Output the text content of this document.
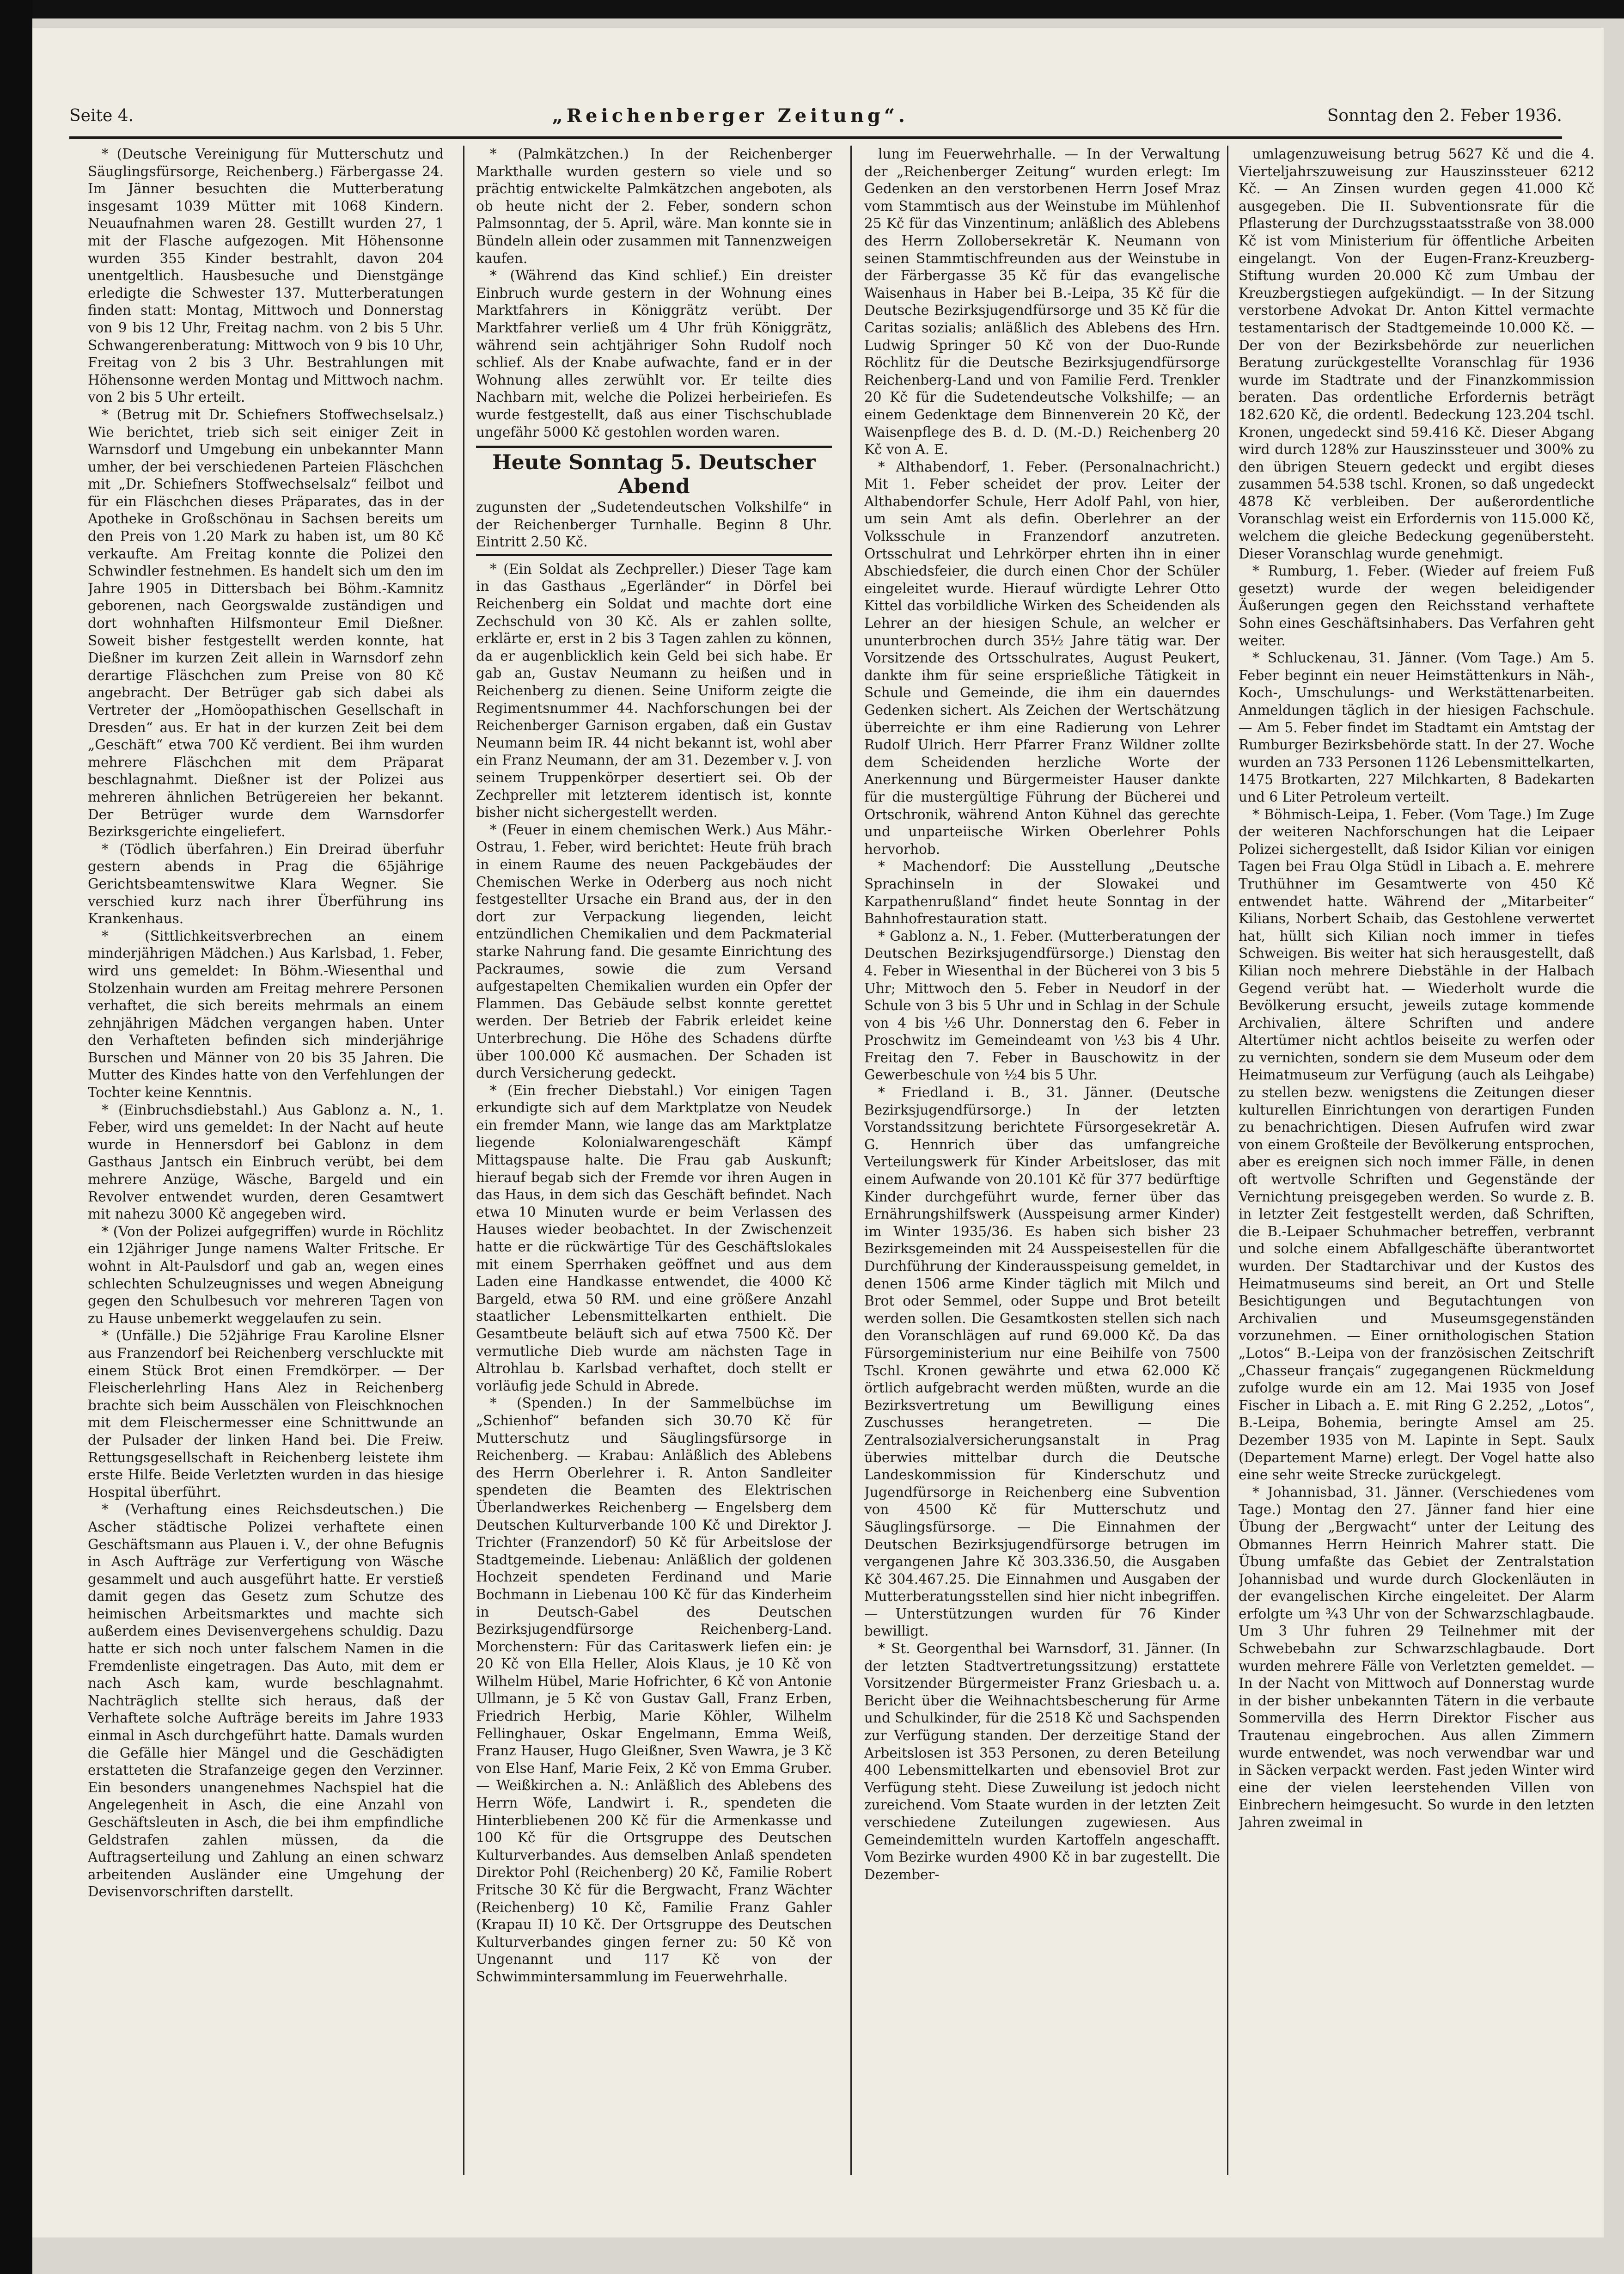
Seite 4.	„Reichenberger Zeitung“.	Sonntag den 2. Feber 1936.

* (Deutsche Vereinigung für Mutterschutz und Säuglingsfürsorge, Reichenberg.) Färbergasse 24. Im Jänner besuchten die Mutterberatung insgesamt 1039 Mütter mit 1068 Kindern. Neuaufnahmen waren 28. Gestillt wurden 27, 1 mit der Flasche aufgezogen. Mit Höhensonne wurden 355 Kinder bestrahlt, davon 204 unentgeltlich. Hausbesuche und Dienstgänge erledigte die Schwester 137. Mutterberatungen finden statt: Montag, Mittwoch und Donnerstag von 9 bis 12 Uhr, Freitag nachm. von 2 bis 5 Uhr. Schwangerenberatung: Mittwoch von 9 bis 10 Uhr, Freitag von 2 bis 3 Uhr. Bestrahlungen mit Höhensonne werden Montag und Mittwoch nachm. von 2 bis 5 Uhr erteilt.

* (Betrug mit Dr. Schiefners Stoffwechselsalz.) Wie berichtet, trieb sich seit einiger Zeit in Warnsdorf und Umgebung ein unbekannter Mann umher, der bei verschiedenen Parteien Fläschchen mit „Dr. Schiefners Stoffwechselsalz“ feilbot und für ein Fläschchen dieses Präparates, das in der Apotheke in Großschönau in Sachsen bereits um den Preis von 1.20 Mark zu haben ist, um 80 Kč verkaufte. Am Freitag konnte die Polizei den Schwindler festnehmen. Es handelt sich um den im Jahre 1905 in Dittersbach bei Böhm.-Kamnitz geborenen, nach Georgswalde zuständigen und dort wohnhaften Hilfsmonteur Emil Dießner. Soweit bisher festgestellt werden konnte, hat Dießner im kurzen Zeit allein in Warnsdorf zehn derartige Fläschchen zum Preise von 80 Kč angebracht. Der Betrüger gab sich dabei als Vertreter der „Homöopathischen Gesellschaft in Dresden“ aus. Er hat in der kurzen Zeit bei dem „Geschäft“ etwa 700 Kč verdient. Bei ihm wurden mehrere Fläschchen mit dem Präparat beschlagnahmt. Dießner ist der Polizei aus mehreren ähnlichen Betrügereien her bekannt. Der Betrüger wurde dem Warnsdorfer Bezirksgerichte eingeliefert.

* (Tödlich überfahren.) Ein Dreirad überfuhr gestern abends in Prag die 65jährige Gerichtsbeamtenswitwe Klara Wegner. Sie verschied kurz nach ihrer Überführung ins Krankenhaus.

* (Sittlichkeitsverbrechen an einem minderjährigen Mädchen.) Aus Karlsbad, 1. Feber, wird uns gemeldet: In Böhm.-Wiesenthal und Stolzenhain wurden am Freitag mehrere Personen verhaftet, die sich bereits mehrmals an einem zehnjährigen Mädchen vergangen haben. Unter den Verhafteten befinden sich minderjährige Burschen und Männer von 20 bis 35 Jahren. Die Mutter des Kindes hatte von den Verfehlungen der Tochter keine Kenntnis.

* (Einbruchsdiebstahl.) Aus Gablonz a. N., 1. Feber, wird uns gemeldet: In der Nacht auf heute wurde in Hennersdorf bei Gablonz in dem Gasthaus Jantsch ein Einbruch verübt, bei dem mehrere Anzüge, Wäsche, Bargeld und ein Revolver entwendet wurden, deren Gesamtwert mit nahezu 3000 Kč angegeben wird.

* (Von der Polizei aufgegriffen) wurde in Röchlitz ein 12jähriger Junge namens Walter Fritsche. Er wohnt in Alt-Paulsdorf und gab an, wegen eines schlechten Schulzeugnisses und wegen Abneigung gegen den Schulbesuch vor mehreren Tagen von zu Hause unbemerkt weggelaufen zu sein.

* (Unfälle.) Die 52jährige Frau Karoline Elsner aus Franzendorf bei Reichenberg verschluckte mit einem Stück Brot einen Fremdkörper. — Der Fleischerlehrling Hans Alez in Reichenberg brachte sich beim Ausschälen von Fleischknochen mit dem Fleischermesser eine Schnittwunde an der Pulsader der linken Hand bei. Die Freiw. Rettungsgesellschaft in Reichenberg leistete ihm erste Hilfe. Beide Verletzten wurden in das hiesige Hospital überführt.

* (Verhaftung eines Reichsdeutschen.) Die Ascher städtische Polizei verhaftete einen Geschäftsmann aus Plauen i. V., der ohne Befugnis in Asch Aufträge zur Verfertigung von Wäsche gesammelt und auch ausgeführt hatte. Er verstieß damit gegen das Gesetz zum Schutze des heimischen Arbeitsmarktes und machte sich außerdem eines Devisenvergehens schuldig. Dazu hatte er sich noch unter falschem Namen in die Fremdenliste eingetragen. Das Auto, mit dem er nach Asch kam, wurde beschlagnahmt. Nachträglich stellte sich heraus, daß der Verhaftete solche Aufträge bereits im Jahre 1933 einmal in Asch durchgeführt hatte. Damals wurden die Gefälle hier Mängel und die Geschädigten erstatteten die Strafanzeige gegen den Verzinner. Ein besonders unangenehmes Nachspiel hat die Angelegenheit in Asch, die eine Anzahl von Geschäftsleuten in Asch, die bei ihm empfindliche Geldstrafen zahlen müssen, da die Auftragserteilung und Zahlung an einen schwarz arbeitenden Ausländer eine Umgehung der Devisenvorschriften darstellt.

* (Palmkätzchen.) In der Reichenberger Markthalle wurden gestern so viele und so prächtig entwickelte Palmkätzchen angeboten, als ob heute nicht der 2. Feber, sondern schon Palmsonntag, der 5. April, wäre. Man konnte sie in Bündeln allein oder zusammen mit Tannenzweigen kaufen.

* (Während das Kind schlief.) Ein dreister Einbruch wurde gestern in der Wohnung eines Marktfahrers in Königgrätz verübt. Der Marktfahrer verließ um 4 Uhr früh Königgrätz, während sein achtjähriger Sohn Rudolf noch schlief. Als der Knabe aufwachte, fand er in der Wohnung alles zerwühlt vor. Er teilte dies Nachbarn mit, welche die Polizei herbeiriefen. Es wurde festgestellt, daß aus einer Tischschublade ungefähr 5000 Kč gestohlen worden waren.

Heute Sonntag 5. Deutscher Abend

zugunsten der „Sudetendeutschen Volkshilfe“ in der Reichenberger Turnhalle. Beginn 8 Uhr. Eintritt 2.50 Kč.

* (Ein Soldat als Zechpreller.) Dieser Tage kam in das Gasthaus „Egerländer“ in Dörfel bei Reichenberg ein Soldat und machte dort eine Zechschuld von 30 Kč. Als er zahlen sollte, erklärte er, erst in 2 bis 3 Tagen zahlen zu können, da er augenblicklich kein Geld bei sich habe. Er gab an, Gustav Neumann zu heißen und in Reichenberg zu dienen. Seine Uniform zeigte die Regimentsnummer 44. Nachforschungen bei der Reichenberger Garnison ergaben, daß ein Gustav Neumann beim IR. 44 nicht bekannt ist, wohl aber ein Franz Neumann, der am 31. Dezember v. J. von seinem Truppenkörper desertiert sei. Ob der Zechpreller mit letzterem identisch ist, konnte bisher nicht sichergestellt werden.

* (Feuer in einem chemischen Werk.) Aus Mähr.-Ostrau, 1. Feber, wird berichtet: Heute früh brach in einem Raume des neuen Packgebäudes der Chemischen Werke in Oderberg aus noch nicht festgestellter Ursache ein Brand aus, der in den dort zur Verpackung liegenden, leicht entzündlichen Chemikalien und dem Packmaterial starke Nahrung fand. Die gesamte Einrichtung des Packraumes, sowie die zum Versand aufgestapelten Chemikalien wurden ein Opfer der Flammen. Das Gebäude selbst konnte gerettet werden. Der Betrieb der Fabrik erleidet keine Unterbrechung. Die Höhe des Schadens dürfte über 100.000 Kč ausmachen. Der Schaden ist durch Versicherung gedeckt.

* (Ein frecher Diebstahl.) Vor einigen Tagen erkundigte sich auf dem Marktplatze von Neudek ein fremder Mann, wie lange das am Marktplatze liegende Kolonialwarengeschäft Kämpf Mittagspause halte. Die Frau gab Auskunft; hierauf begab sich der Fremde vor ihren Augen in das Haus, in dem sich das Geschäft befindet. Nach etwa 10 Minuten wurde er beim Verlassen des Hauses wieder beobachtet. In der Zwischenzeit hatte er die rückwärtige Tür des Geschäftslokales mit einem Sperrhaken geöffnet und aus dem Laden eine Handkasse entwendet, die 4000 Kč Bargeld, etwa 50 RM. und eine größere Anzahl staatlicher Lebensmittelkarten enthielt. Die Gesamtbeute beläuft sich auf etwa 7500 Kč. Der vermutliche Dieb wurde am nächsten Tage in Altrohlau b. Karlsbad verhaftet, doch stellt er vorläufig jede Schuld in Abrede.

* (Spenden.) In der Sammelbüchse im „Schienhof“ befanden sich 30.70 Kč für Mutterschutz und Säuglingsfürsorge in Reichenberg. — Krabau: Anläßlich des Ablebens des Herrn Oberlehrer i. R. Anton Sandleiter spendeten die Beamten des Elektrischen Überlandwerkes Reichenberg — Engelsberg dem Deutschen Kulturverbande 100 Kč und Direktor J. Trichter (Franzendorf) 50 Kč für Arbeitslose der Stadtgemeinde. Liebenau: Anläßlich der goldenen Hochzeit spendeten Ferdinand und Marie Bochmann in Liebenau 100 Kč für das Kinderheim in Deutsch-Gabel des Deutschen Bezirksjugendfürsorge Reichenberg-Land. Morchenstern: Für das Caritaswerk liefen ein: je 20 Kč von Ella Heller, Alois Klaus, je 10 Kč von Wilhelm Hübel, Marie Hofrichter, 6 Kč von Antonie Ullmann, je 5 Kč von Gustav Gall, Franz Erben, Friedrich Herbig, Marie Köhler, Wilhelm Fellinghauer, Oskar Engelmann, Emma Weiß, Franz Hauser, Hugo Gleißner, Sven Wawra, je 3 Kč von Else Hanf, Marie Feix, 2 Kč von Emma Gruber. — Weißkirchen a. N.: Anläßlich des Ablebens des Herrn Wöfe, Landwirt i. R., spendeten die Hinterbliebenen 200 Kč für die Armenkasse und 100 Kč für die Ortsgruppe des Deutschen Kulturverbandes. Aus demselben Anlaß spendeten Direktor Pohl (Reichenberg) 20 Kč, Familie Robert Fritsche 30 Kč für die Bergwacht, Franz Wächter (Reichenberg) 10 Kč, Familie Franz Gahler (Krapau II) 10 Kč. Der Ortsgruppe des Deutschen Kulturverbandes gingen ferner zu: 50 Kč von Ungenannt und 117 Kč von der Schwimmintersammlung im Feuerwehrhalle.

lung im Feuerwehrhalle. — In der Verwaltung der „Reichenberger Zeitung“ wurden erlegt: Im Gedenken an den verstorbenen Herrn Josef Mraz vom Stammtisch aus der Weinstube im Mühlenhof 25 Kč für das Vinzentinum; anläßlich des Ablebens des Herrn Zollobersekretär K. Neumann von seinen Stammtischfreunden aus der Weinstube in der Färbergasse 35 Kč für das evangelische Waisenhaus in Haber bei B.-Leipa, 35 Kč für die Deutsche Bezirksjugendfürsorge und 35 Kč für die Caritas sozialis; anläßlich des Ablebens des Hrn. Ludwig Springer 50 Kč von der Duo-Runde Röchlitz für die Deutsche Bezirksjugendfürsorge Reichenberg-Land und von Familie Ferd. Trenkler 20 Kč für die Sudetendeutsche Volkshilfe; — an einem Gedenktage dem Binnenverein 20 Kč, der Waisenpflege des B. d. D. (M.-D.) Reichenberg 20 Kč von A. E.

* Althabendorf, 1. Feber. (Personalnachricht.) Mit 1. Feber scheidet der prov. Leiter der Althabendorfer Schule, Herr Adolf Pahl, von hier, um sein Amt als defin. Oberlehrer an der Volksschule in Franzendorf anzutreten. Ortsschulrat und Lehrkörper ehrten ihn in einer Abschiedsfeier, die durch einen Chor der Schüler eingeleitet wurde. Hierauf würdigte Lehrer Otto Kittel das vorbildliche Wirken des Scheidenden als Lehrer an der hiesigen Schule, an welcher er ununterbrochen durch 35½ Jahre tätig war. Der Vorsitzende des Ortsschulrates, August Peukert, dankte ihm für seine ersprießliche Tätigkeit in Schule und Gemeinde, die ihm ein dauerndes Gedenken sichert. Als Zeichen der Wertschätzung überreichte er ihm eine Radierung von Lehrer Rudolf Ulrich. Herr Pfarrer Franz Wildner zollte dem Scheidenden herzliche Worte der Anerkennung und Bürgermeister Hauser dankte für die mustergültige Führung der Bücherei und Ortschronik, während Anton Kühnel das gerechte und unparteiische Wirken Oberlehrer Pohls hervorhob.

* Machendorf: Die Ausstellung „Deutsche Sprachinseln in der Slowakei und Karpathenrußland“ findet heute Sonntag in der Bahnhofrestauration statt.

* Gablonz a. N., 1. Feber. (Mutterberatungen der Deutschen Bezirksjugendfürsorge.) Dienstag den 4. Feber in Wiesenthal in der Bücherei von 3 bis 5 Uhr; Mittwoch den 5. Feber in Neudorf in der Schule von 3 bis 5 Uhr und in Schlag in der Schule von 4 bis ½6 Uhr. Donnerstag den 6. Feber in Proschwitz im Gemeindeamt von ½3 bis 4 Uhr. Freitag den 7. Feber in Bauschowitz in der Gewerbeschule von ½4 bis 5 Uhr.

* Friedland i. B., 31. Jänner. (Deutsche Bezirksjugendfürsorge.) In der letzten Vorstandssitzung berichtete Fürsorgesekretär A. G. Hennrich über das umfangreiche Verteilungswerk für Kinder Arbeitsloser, das mit einem Aufwande von 20.101 Kč für 377 bedürftige Kinder durchgeführt wurde, ferner über das Ernährungshilfswerk (Ausspeisung armer Kinder) im Winter 1935/36. Es haben sich bisher 23 Bezirksgemeinden mit 24 Ausspeisestellen für die Durchführung der Kinderausspeisung gemeldet, in denen 1506 arme Kinder täglich mit Milch und Brot oder Semmel, oder Suppe und Brot beteilt werden sollen. Die Gesamtkosten stellen sich nach den Voranschlägen auf rund 69.000 Kč. Da das Fürsorgeministerium nur eine Beihilfe von 7500 Tschl. Kronen gewährte und etwa 62.000 Kč örtlich aufgebracht werden müßten, wurde an die Bezirksvertretung um Bewilligung eines Zuschusses herangetreten. — Die Zentralsozialversicherungsanstalt in Prag überwies mittelbar durch die Deutsche Landeskommission für Kinderschutz und Jugendfürsorge in Reichenberg eine Subvention von 4500 Kč für Mutterschutz und Säuglingsfürsorge. — Die Einnahmen der Deutschen Bezirksjugendfürsorge betrugen im vergangenen Jahre Kč 303.336.50, die Ausgaben Kč 304.467.25. Die Einnahmen und Ausgaben der Mutterberatungsstellen sind hier nicht inbegriffen. — Unterstützungen wurden für 76 Kinder bewilligt.

* St. Georgenthal bei Warnsdorf, 31. Jänner. (In der letzten Stadtvertretungssitzung) erstattete Vorsitzender Bürgermeister Franz Griesbach u. a. Bericht über die Weihnachtsbescherung für Arme und Schulkinder, für die 2518 Kč und Sachspenden zur Verfügung standen. Der derzeitige Stand der Arbeitslosen ist 353 Personen, zu deren Beteilung 400 Lebensmittelkarten und ebensoviel Brot zur Verfügung steht. Diese Zuweilung ist jedoch nicht zureichend. Vom Staate wurden in der letzten Zeit verschiedene Zuteilungen zugewiesen. Aus Gemeindemitteln wurden Kartoffeln angeschafft. Vom Bezirke wurden 4900 Kč in bar zugestellt. Die Dezember-

umlagenzuweisung betrug 5627 Kč und die 4. Vierteljahrszuweisung zur Hauszinssteuer 6212 Kč. — An Zinsen wurden gegen 41.000 Kč ausgegeben. Die II. Subventionsrate für die Pflasterung der Durchzugsstaatsstraße von 38.000 Kč ist vom Ministerium für öffentliche Arbeiten eingelangt. Von der Eugen-Franz-Kreuzberg-Stiftung wurden 20.000 Kč zum Umbau der Kreuzbergstiegen aufgekündigt. — In der Sitzung verstorbene Advokat Dr. Anton Kittel vermachte testamentarisch der Stadtgemeinde 10.000 Kč. — Der von der Bezirksbehörde zur neuerlichen Beratung zurückgestellte Voranschlag für 1936 wurde im Stadtrate und der Finanzkommission beraten. Das ordentliche Erfordernis beträgt 182.620 Kč, die ordentl. Bedeckung 123.204 tschl. Kronen, ungedeckt sind 59.416 Kč. Dieser Abgang wird durch 128% zur Hauszinssteuer und 300% zu den übrigen Steuern gedeckt und ergibt dieses zusammen 54.538 tschl. Kronen, so daß ungedeckt 4878 Kč verbleiben. Der außerordentliche Voranschlag weist ein Erfordernis von 115.000 Kč, welchem die gleiche Bedeckung gegenübersteht. Dieser Voranschlag wurde genehmigt.

* Rumburg, 1. Feber. (Wieder auf freiem Fuß gesetzt) wurde der wegen beleidigender Äußerungen gegen den Reichsstand verhaftete Sohn eines Geschäftsinhabers. Das Verfahren geht weiter.

* Schluckenau, 31. Jänner. (Vom Tage.) Am 5. Feber beginnt ein neuer Heimstättenkurs in Näh-, Koch-, Umschulungs- und Werkstättenarbeiten. Anmeldungen täglich in der hiesigen Fachschule. — Am 5. Feber findet im Stadtamt ein Amtstag der Rumburger Bezirksbehörde statt. In der 27. Woche wurden an 733 Personen 1126 Lebensmittelkarten, 1475 Brotkarten, 227 Milchkarten, 8 Badekarten und 6 Liter Petroleum verteilt.

* Böhmisch-Leipa, 1. Feber. (Vom Tage.) Im Zuge der weiteren Nachforschungen hat die Leipaer Polizei sichergestellt, daß Isidor Kilian vor einigen Tagen bei Frau Olga Stüdl in Libach a. E. mehrere Truthühner im Gesamtwerte von 450 Kč entwendet hatte. Während der „Mitarbeiter“ Kilians, Norbert Schaib, das Gestohlene verwertet hat, hüllt sich Kilian noch immer in tiefes Schweigen. Bis weiter hat sich herausgestellt, daß Kilian noch mehrere Diebstähle in der Halbach Gegend verübt hat. — Wiederholt wurde die Bevölkerung ersucht, jeweils zutage kommende Archivalien, ältere Schriften und andere Altertümer nicht achtlos beiseite zu werfen oder zu vernichten, sondern sie dem Museum oder dem Heimatmuseum zur Verfügung (auch als Leihgabe) zu stellen bezw. wenigstens die Zeitungen dieser kulturellen Einrichtungen von derartigen Funden zu benachrichtigen. Diesen Aufrufen wird zwar von einem Großteile der Bevölkerung entsprochen, aber es ereignen sich noch immer Fälle, in denen oft wertvolle Schriften und Gegenstände der Vernichtung preisgegeben werden. So wurde z. B. in letzter Zeit festgestellt werden, daß Schriften, die B.-Leipaer Schuhmacher betreffen, verbrannt und solche einem Abfallgeschäfte überantwortet wurden. Der Stadtarchivar und der Kustos des Heimatmuseums sind bereit, an Ort und Stelle Besichtigungen und Begutachtungen von Archivalien und Museumsgegenständen vorzunehmen. — Einer ornithologischen Station „Lotos“ B.-Leipa von der französischen Zeitschrift „Chasseur français“ zugegangenen Rückmeldung zufolge wurde ein am 12. Mai 1935 von Josef Fischer in Libach a. E. mit Ring G 2.252, „Lotos“, B.-Leipa, Bohemia, beringte Amsel am 25. Dezember 1935 von M. Lapinte in Sept. Saulx (Departement Marne) erlegt. Der Vogel hatte also eine sehr weite Strecke zurückgelegt.

* Johannisbad, 31. Jänner. (Verschiedenes vom Tage.) Montag den 27. Jänner fand hier eine Übung der „Bergwacht“ unter der Leitung des Obmannes Herrn Heinrich Mahrer statt. Die Übung umfaßte das Gebiet der Zentralstation Johannisbad und wurde durch Glockenläuten in der evangelischen Kirche eingeleitet. Der Alarm erfolgte um ¾3 Uhr von der Schwarzschlagbaude. Um 3 Uhr fuhren 29 Teilnehmer mit der Schwebebahn zur Schwarzschlagbaude. Dort wurden mehrere Fälle von Verletzten gemeldet. — In der Nacht von Mittwoch auf Donnerstag wurde in der bisher unbekannten Tätern in die verbaute Sommervilla des Herrn Direktor Fischer aus Trautenau eingebrochen. Aus allen Zimmern wurde entwendet, was noch verwendbar war und in Säcken verpackt werden. Fast jeden Winter wird eine der vielen leerstehenden Villen von Einbrechern heimgesucht. So wurde in den letzten Jahren zweimal in
